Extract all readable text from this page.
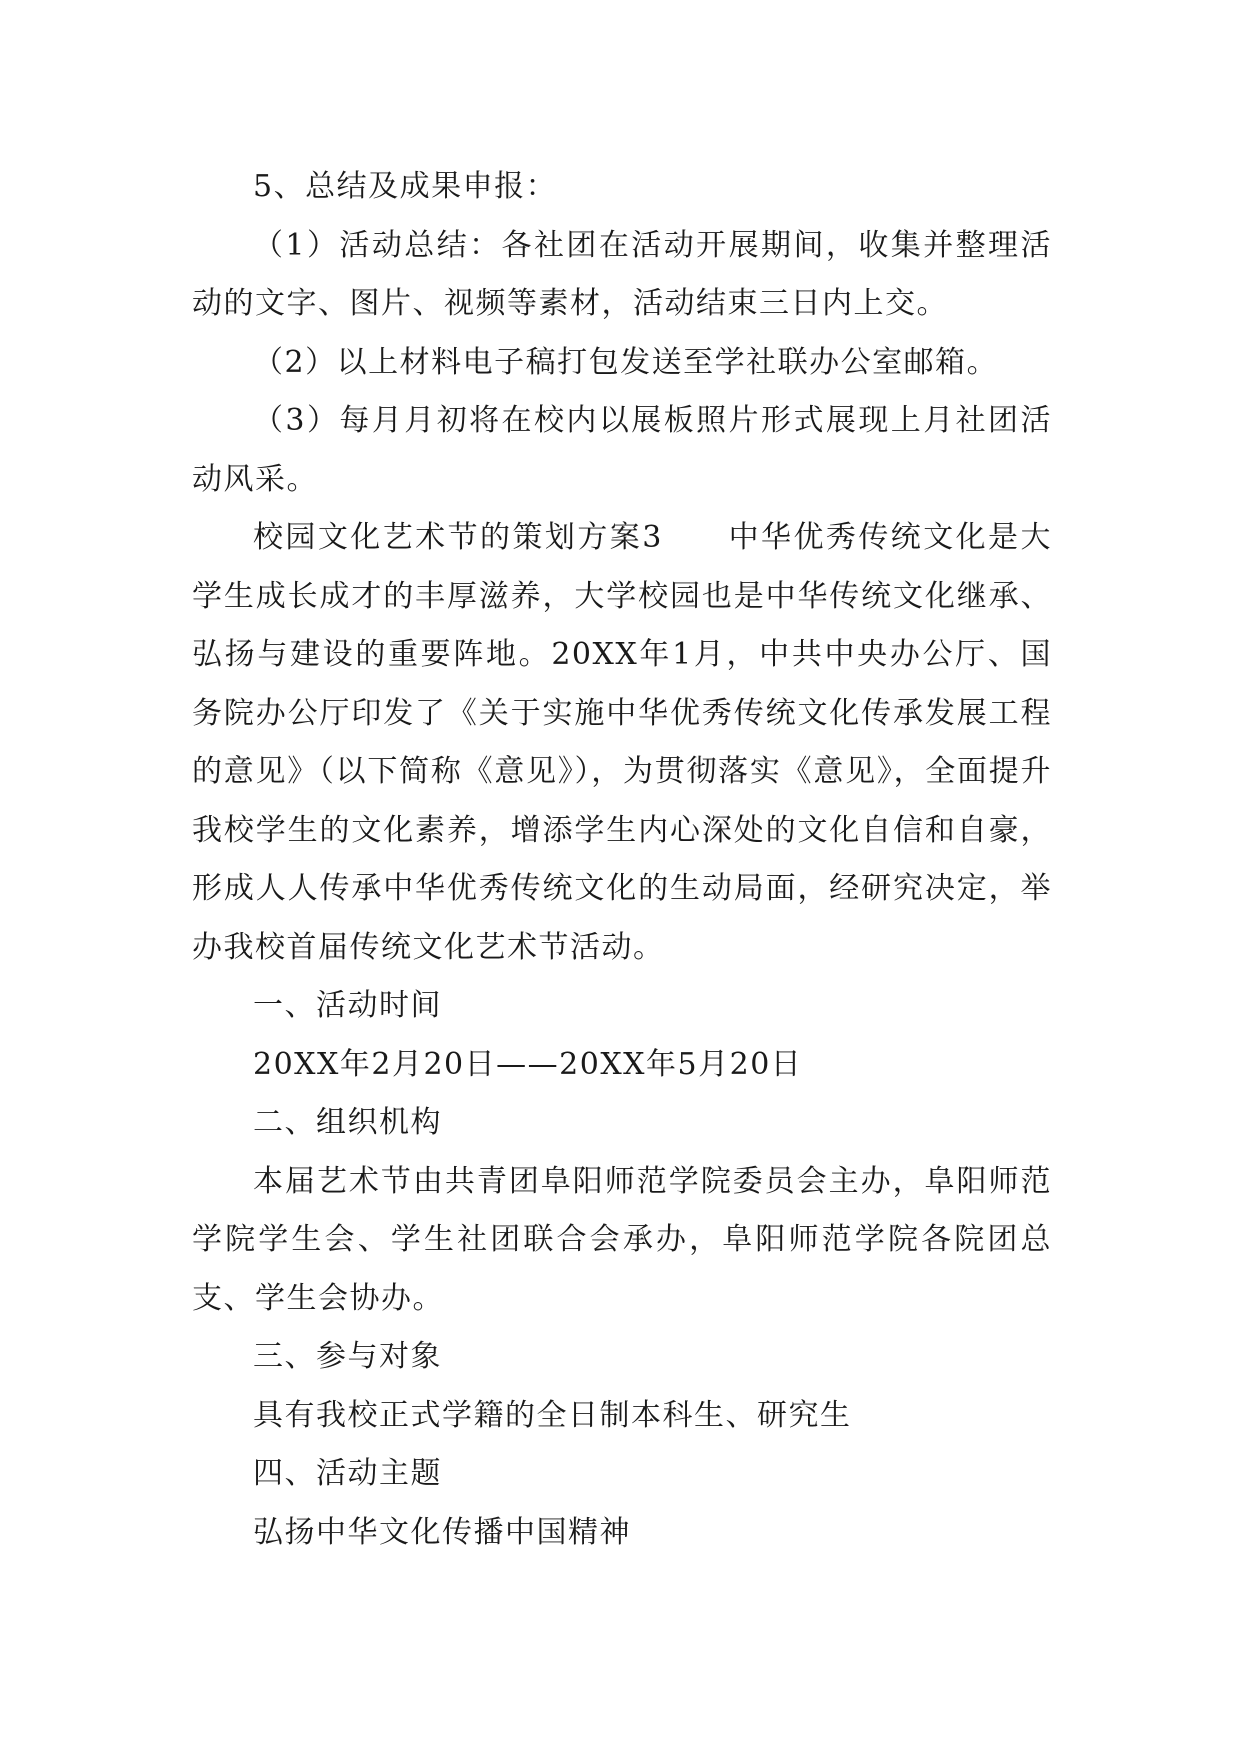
5、总结及成果申报：

（1）活动总结：各社团在活动开展期间，收集并整理活动的文字、图片、视频等素材，活动结束三日内上交。

（2）以上材料电子稿打包发送至学社联办公室邮箱。

（3）每月月初将在校内以展板照片形式展现上月社团活动风采。

校园文化艺术节的策划方案3　　中华优秀传统文化是大学生成长成才的丰厚滋养，大学校园也是中华传统文化继承、弘扬与建设的重要阵地。20XX年1月，中共中央办公厅、国务院办公厅印发了《关于实施中华优秀传统文化传承发展工程的意见》（以下简称《意见》），为贯彻落实《意见》，全面提升我校学生的文化素养，增添学生内心深处的文化自信和自豪，形成人人传承中华优秀传统文化的生动局面，经研究决定，举办我校首届传统文化艺术节活动。

一、活动时间

20XX年2月20日——20XX年5月20日

二、组织机构

本届艺术节由共青团阜阳师范学院委员会主办，阜阳师范学院学生会、学生社团联合会承办，阜阳师范学院各院团总支、学生会协办。

三、参与对象

具有我校正式学籍的全日制本科生、研究生

四、活动主题

弘扬中华文化传播中国精神
